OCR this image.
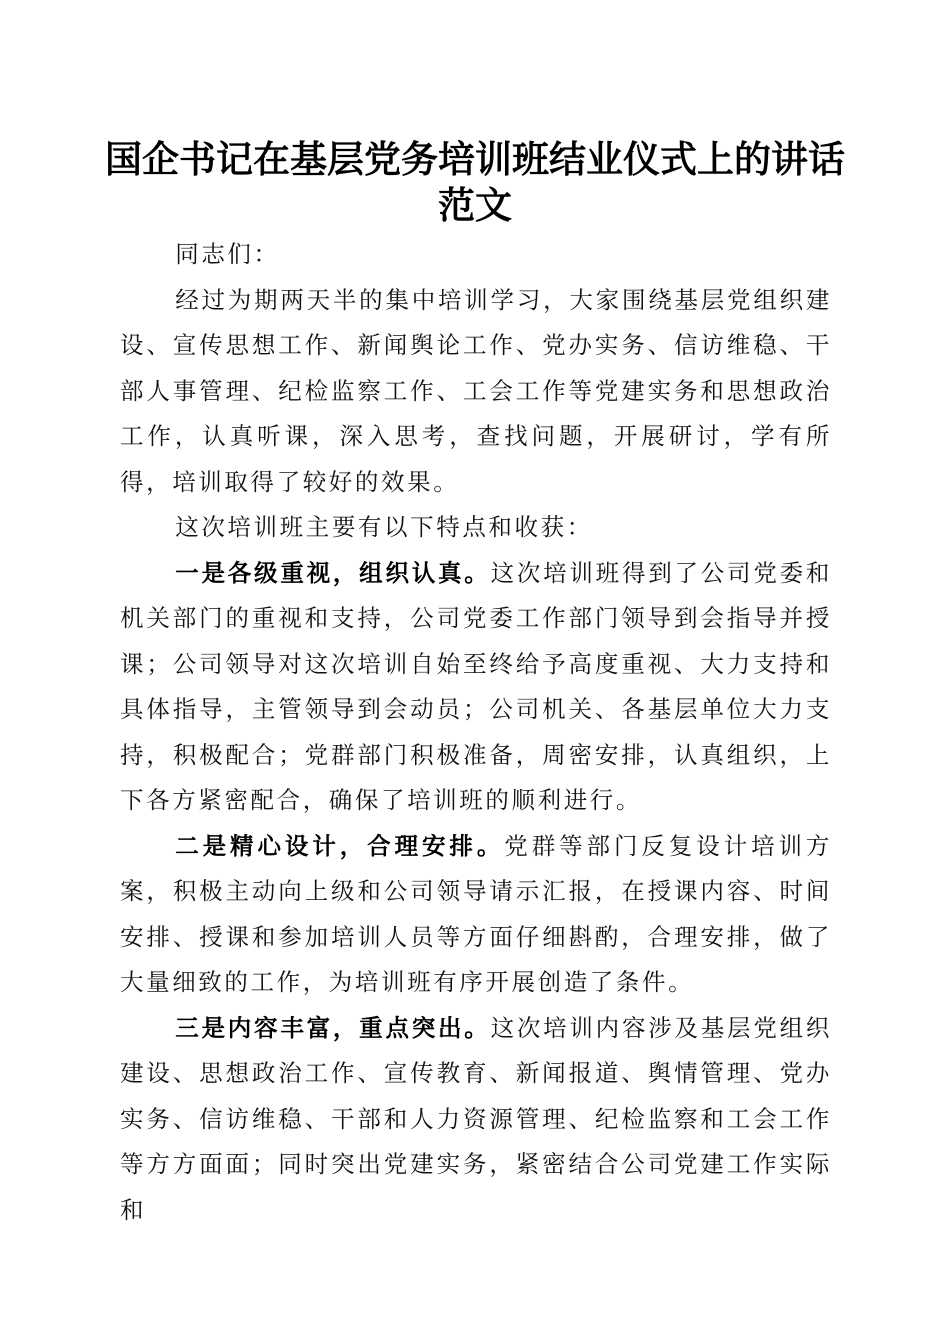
国企书记在基层党务培训班结业仪式上的讲话范文

同志们：

经过为期两天半的集中培训学习，大家围绕基层党组织建设、宣传思想工作、新闻舆论工作、党办实务、信访维稳、干部人事管理、纪检监察工作、工会工作等党建实务和思想政治工作，认真听课，深入思考，查找问题，开展研讨，学有所得，培训取得了较好的效果。

这次培训班主要有以下特点和收获：

一是各级重视，组织认真。这次培训班得到了公司党委和机关部门的重视和支持，公司党委工作部门领导到会指导并授课；公司领导对这次培训自始至终给予高度重视、大力支持和具体指导，主管领导到会动员；公司机关、各基层单位大力支持，积极配合；党群部门积极准备，周密安排，认真组织，上下各方紧密配合，确保了培训班的顺利进行。

二是精心设计，合理安排。党群等部门反复设计培训方案，积极主动向上级和公司领导请示汇报，在授课内容、时间安排、授课和参加培训人员等方面仔细斟酌，合理安排，做了大量细致的工作，为培训班有序开展创造了条件。

三是内容丰富，重点突出。这次培训内容涉及基层党组织建设、思想政治工作、宣传教育、新闻报道、舆情管理、党办实务、信访维稳、干部和人力资源管理、纪检监察和工会工作等方方面面；同时突出党建实务，紧密结合公司党建工作实际和
